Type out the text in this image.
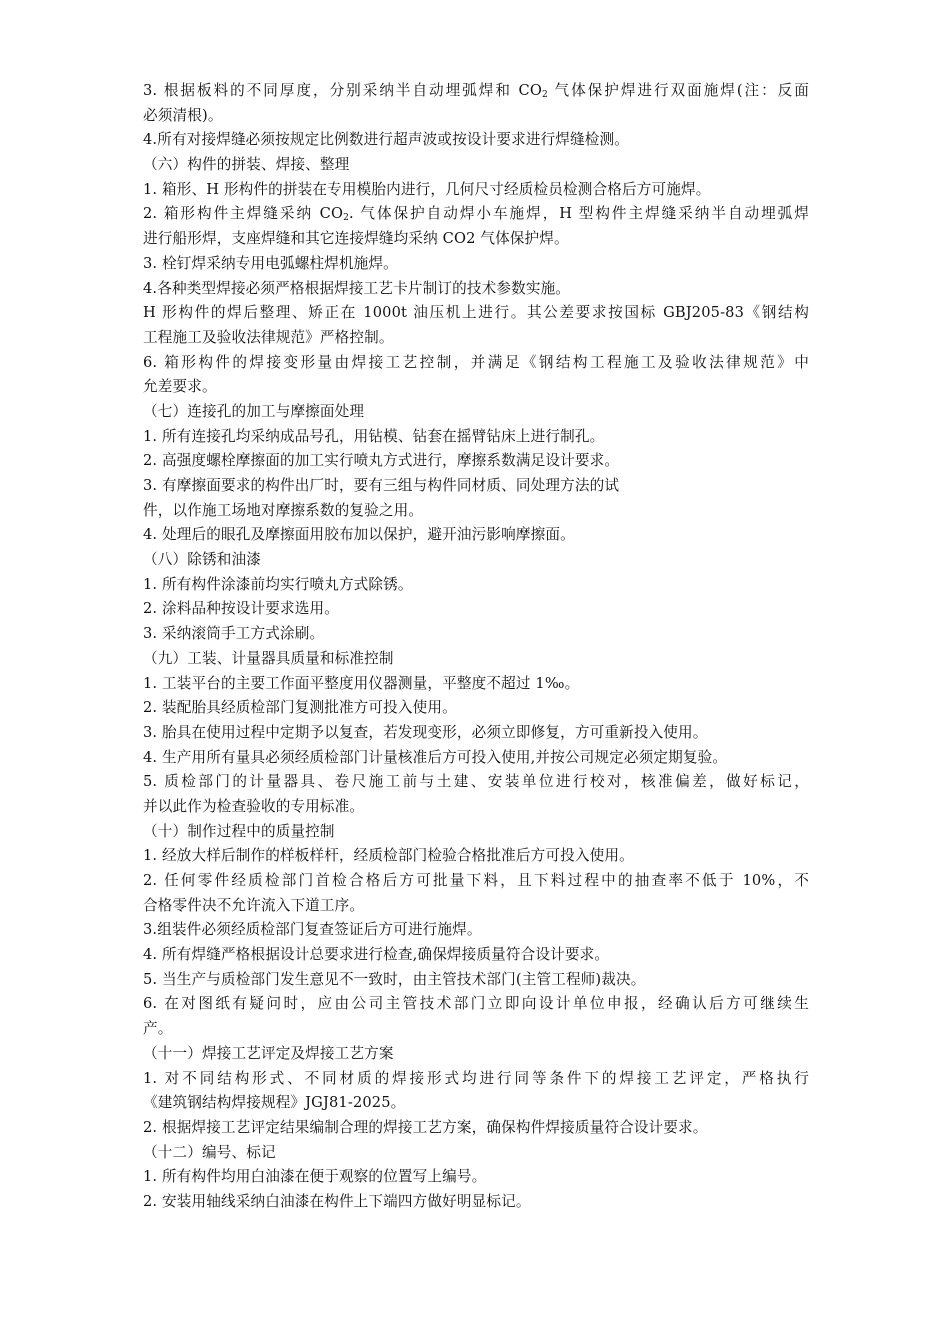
3. 根据板料的不同厚度，分别采纳半自动埋弧焊和 $CO_2$ 气体保护焊进行双面施焊(注：反面
必须清根)。
4.所有对接焊缝必须按规定比例数进行超声波或按设计要求进行焊缝检测。
（六）构件的拼装、焊接、整理
1. 箱形、H 形构件的拼装在专用模胎内进行，几何尺寸经质检员检测合格后方可施焊。
2. 箱形构件主焊缝采纳 $CO_2$. 气体保护自动焊小车施焊，H 型构件主焊缝采纳半自动埋弧焊
进行船形焊，支座焊缝和其它连接焊缝均采纳 CO2 气体保护焊。
3. 栓钉焊采纳专用电弧螺柱焊机施焊。
4.各种类型焊接必须严格根据焊接工艺卡片制订的技术参数实施。
H 形构件的焊后整理、矫正在 1000t 油压机上进行。其公差要求按国标 GBJ205-83《钢结构
工程施工及验收法律规范》严格控制。
6. 箱形构件的焊接变形量由焊接工艺控制，并满足《钢结构工程施工及验收法律规范》中
允差要求。
（七）连接孔的加工与摩擦面处理
1. 所有连接孔均采纳成品号孔，用钻模、钻套在摇臂钻床上进行制孔。
2. 高强度螺栓摩擦面的加工实行喷丸方式进行，摩擦系数满足设计要求。
3. 有摩擦面要求的构件出厂时，要有三组与构件同材质、同处理方法的试
件，以作施工场地对摩擦系数的复验之用。
4. 处理后的眼孔及摩擦面用胶布加以保护，避开油污影响摩擦面。
（八）除锈和油漆
1. 所有构件涂漆前均实行喷丸方式除锈。
2. 涂料品种按设计要求选用。
3. 采纳滚筒手工方式涂刷。
（九）工装、计量器具质量和标准控制
1. 工装平台的主要工作面平整度用仪器测量，平整度不超过 1‰。
2. 装配胎具经质检部门复测批准方可投入使用。
3. 胎具在使用过程中定期予以复查，若发现变形，必须立即修复，方可重新投入使用。
4. 生产用所有量具必须经质检部门计量核准后方可投入使用,并按公司规定必须定期复验。
5. 质检部门的计量器具、卷尺施工前与土建、安装单位进行校对，核准偏差，做好标记，
并以此作为检查验收的专用标准。
（十）制作过程中的质量控制
1. 经放大样后制作的样板样杆，经质检部门检验合格批准后方可投入使用。
2. 任何零件经质检部门首检合格后方可批量下料，且下料过程中的抽查率不低于 10%，不
合格零件决不允许流入下道工序。
3.组装件必须经质检部门复查签证后方可进行施焊。
4. 所有焊缝严格根据设计总要求进行检查,确保焊接质量符合设计要求。
5. 当生产与质检部门发生意见不一致时，由主管技术部门(主管工程师)裁决。
6. 在对图纸有疑问时，应由公司主管技术部门立即向设计单位申报，经确认后方可继续生
产。
（十一）焊接工艺评定及焊接工艺方案
1. 对不同结构形式、不同材质的焊接形式均进行同等条件下的焊接工艺评定，严格执行
《建筑钢结构焊接规程》JGJ81-2025。
2. 根据焊接工艺评定结果编制合理的焊接工艺方案，确保构件焊接质量符合设计要求。
（十二）编号、标记
1. 所有构件均用白油漆在便于观察的位置写上编号。
2. 安装用轴线采纳白油漆在构件上下端四方做好明显标记。
